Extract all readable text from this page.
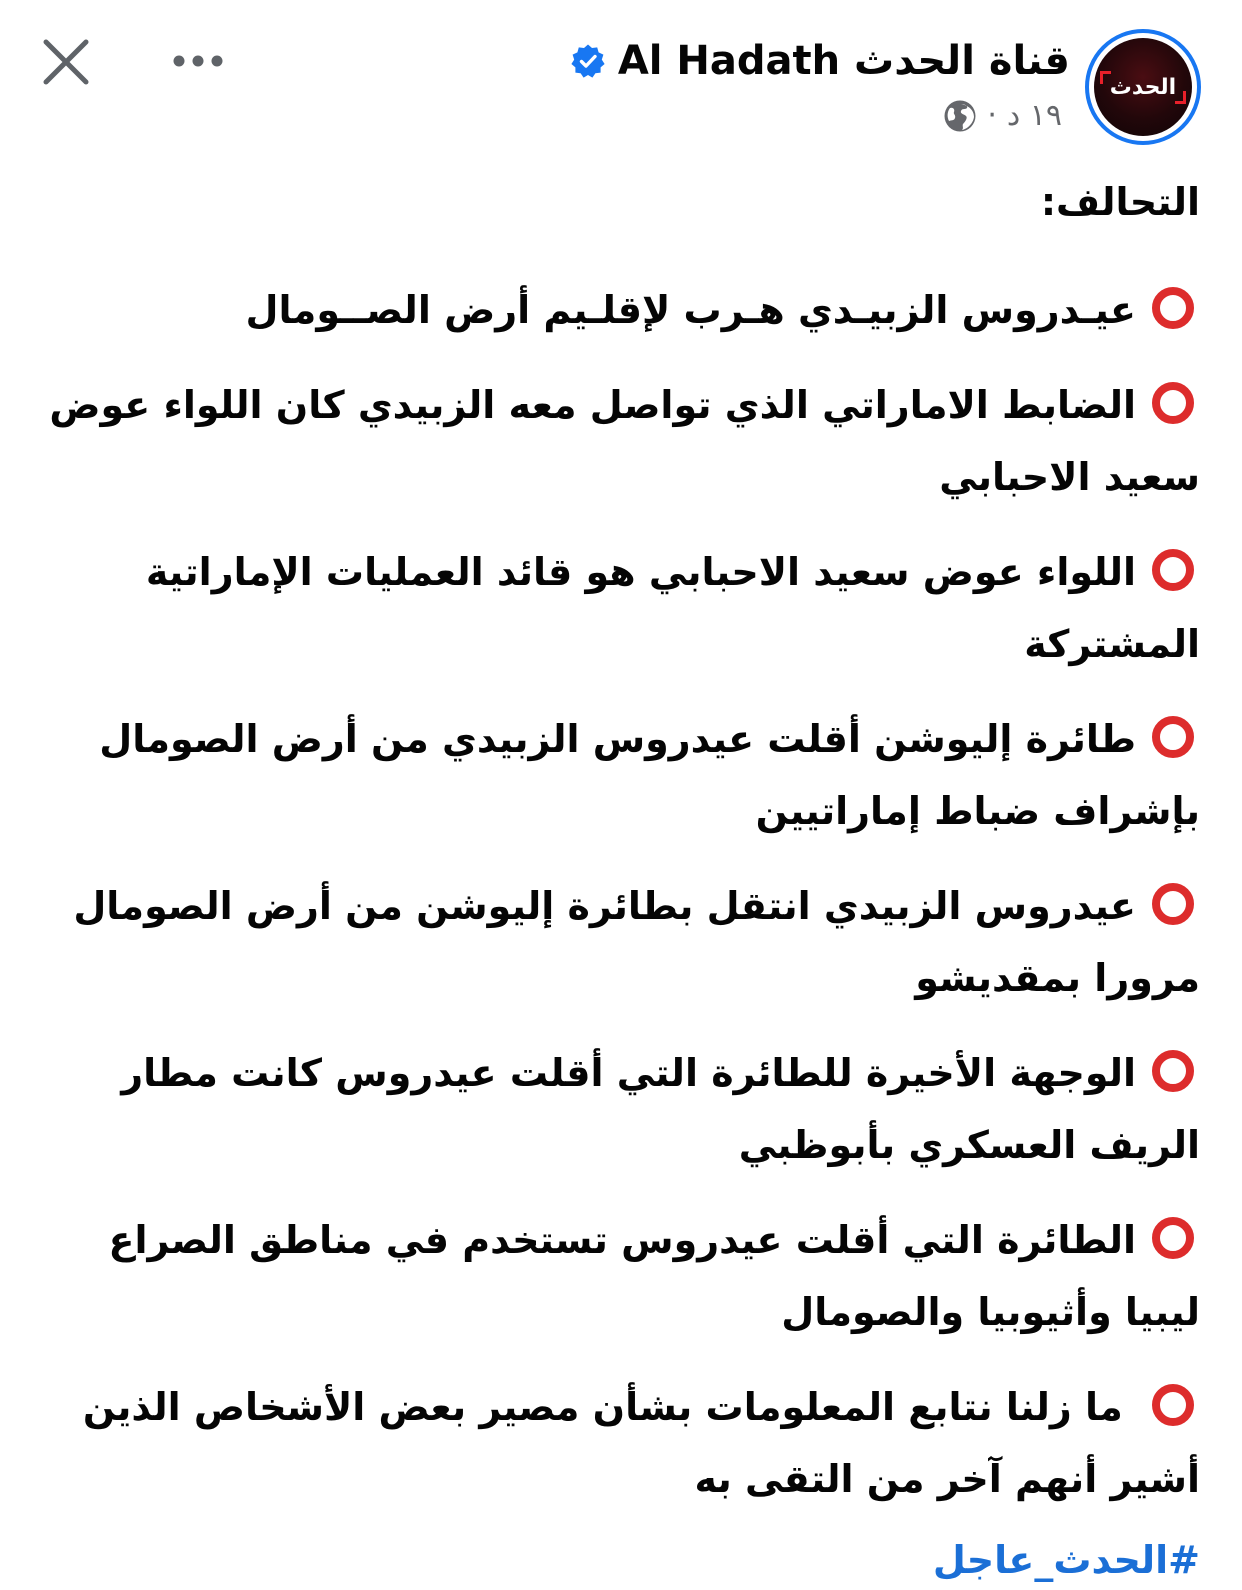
قناة الحدث Al Hadath
١٩ د
·
الحدث
التحالف:
عيـدروس الزبيـدي هـرب لإقلـيم أرض الصــومال
الضابط الاماراتي الذي تواصل معه الزبيدي كان اللواء عوض سعيد الاحبابي
اللواء عوض سعيد الاحبابي هو قائد العمليات الإماراتية المشتركة
طائرة إليوشن أقلت عيدروس الزبيدي من أرض الصومال بإشراف ضباط إماراتيين
عيدروس الزبيدي انتقل بطائرة إليوشن من أرض الصومال مرورا بمقديشو
الوجهة الأخيرة للطائرة التي أقلت عيدروس كانت مطار الريف العسكري بأبوظبي
الطائرة التي أقلت عيدروس تستخدم في مناطق الصراع ليبيا وأثيوبيا والصومال
ما زلنا نتابع المعلومات بشأن مصير بعض الأشخاص الذين أشير أنهم آخر من التقى به
#الحدث_عاجل
